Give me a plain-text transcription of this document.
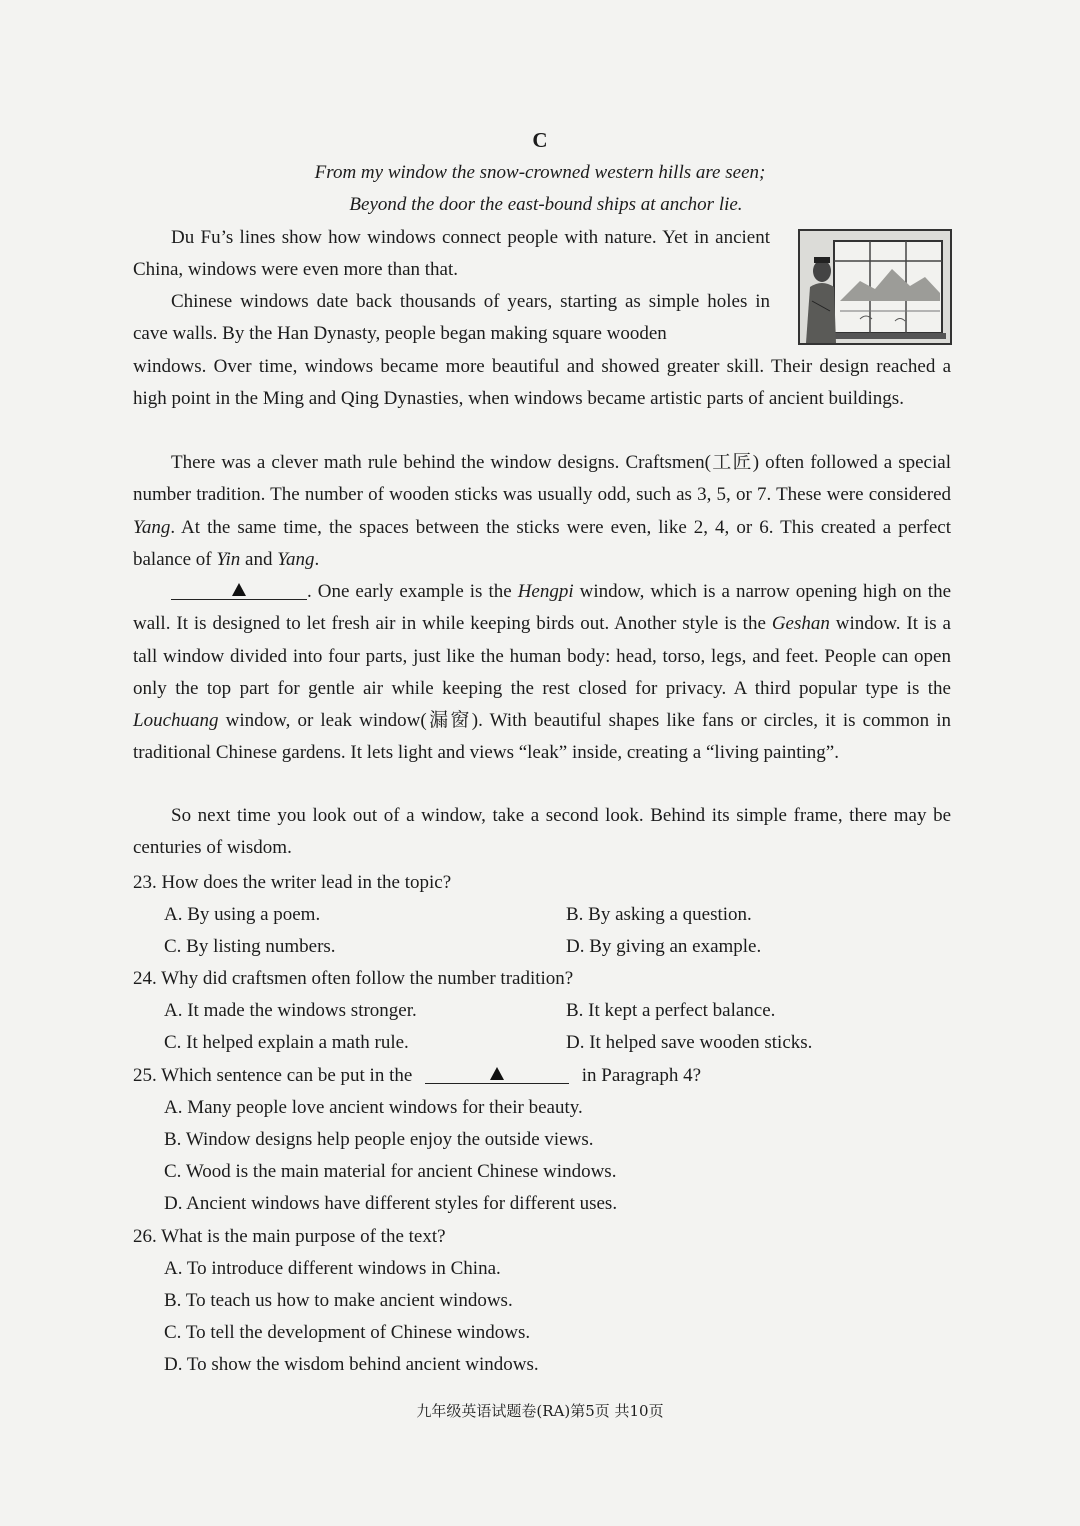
C
From my window the snow-crowned western hills are seen;
Beyond the door the east-bound ships at anchor lie.

Du Fu’s lines show how windows connect people with nature. Yet in ancient China, windows were even more than that.

Chinese windows date back thousands of years, starting as simple holes in cave walls. By the Han Dynasty, people began making square wooden

windows. Over time, windows became more beautiful and showed greater skill. Their design reached a high point in the Ming and Qing Dynasties, when windows became artistic parts of ancient buildings.

There was a clever math rule behind the window designs. Craftsmen(工匠) often followed a special number tradition. The number of wooden sticks was usually odd, such as 3, 5, or 7. These were considered Yang. At the same time, the spaces between the sticks were even, like 2, 4, or 6. This created a perfect balance of Yin and Yang.

. One early example is the Hengpi window, which is a narrow opening high on the wall. It is designed to let fresh air in while keeping birds out. Another style is the Geshan window. It is a tall window divided into four parts, just like the human body: head, torso, legs, and feet. People can open only the top part for gentle air while keeping the rest closed for privacy. A third popular type is the Louchuang window, or leak window(漏窗). With beautiful shapes like fans or circles, it is common in traditional Chinese gardens. It lets light and views “leak” inside, creating a “living painting”.

So next time you look out of a window, take a second look. Behind its simple frame, there may be centuries of wisdom.

23. How does the writer lead in the topic?
A. By using a poem.	B. By asking a question.
C. By listing numbers.	D. By giving an example.
24. Why did craftsmen often follow the number tradition?
A. It made the windows stronger.	B. It kept a perfect balance.
C. It helped explain a math rule.	D. It helped save wooden sticks.
25. Which sentence can be put in the	in Paragraph 4?
A. Many people love ancient windows for their beauty.
B. Window designs help people enjoy the outside views.
C. Wood is the main material for ancient Chinese windows.
D. Ancient windows have different styles for different uses.
26. What is the main purpose of the text?
A. To introduce different windows in China.
B. To teach us how to make ancient windows.
C. To tell the development of Chinese windows.
D. To show the wisdom behind ancient windows.
九年级英语试题卷(RA)第5页 共10页
